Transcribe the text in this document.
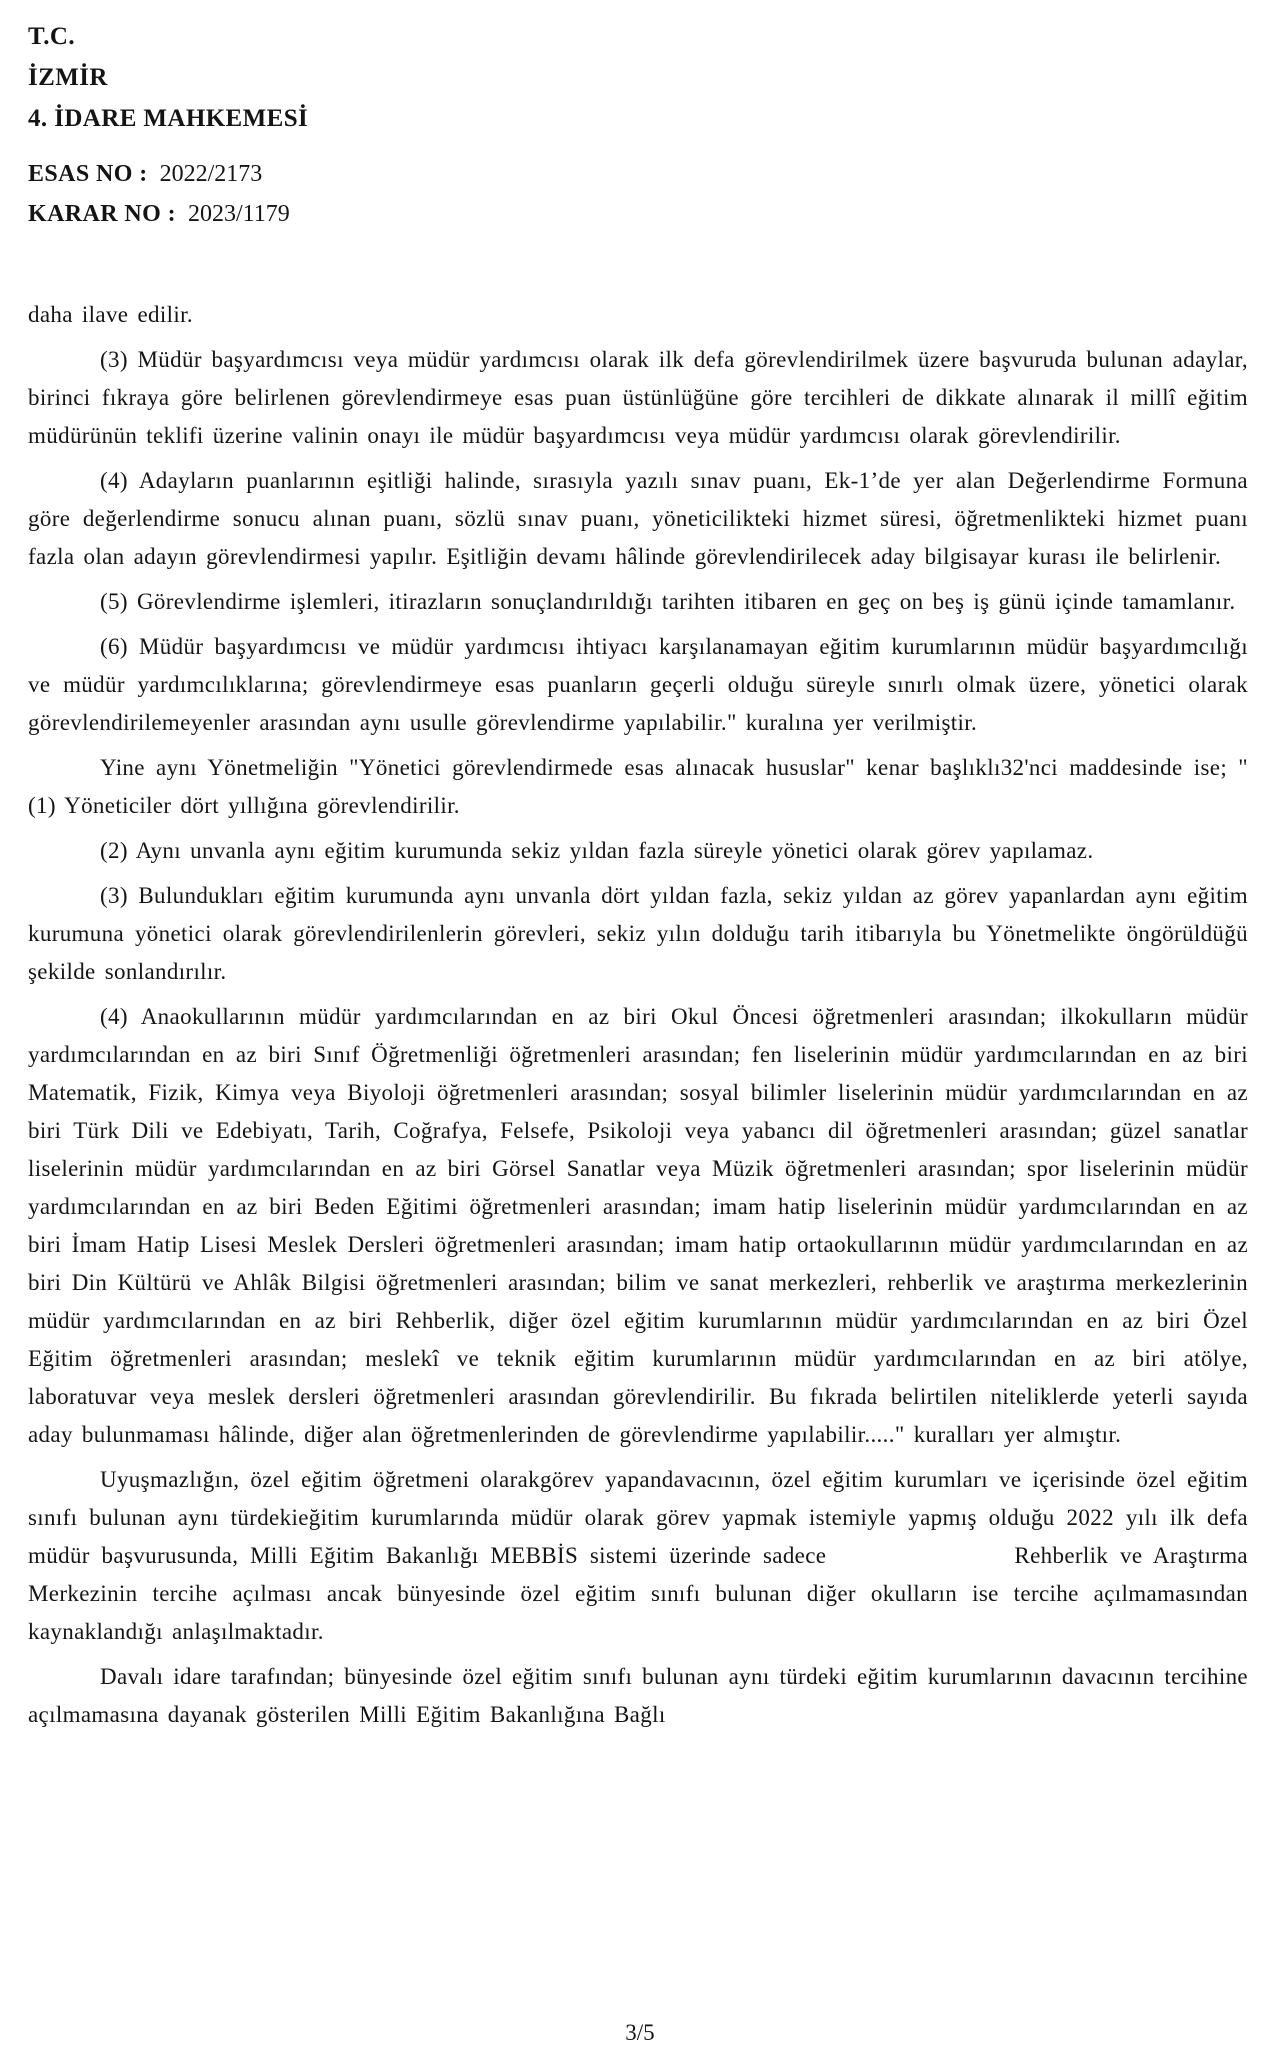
T.C.
İZMİR
4. İDARE MAHKEMESİ
ESAS NO : 2022/2173
KARAR NO : 2023/1179

daha ilave edilir.

(3) Müdür başyardımcısı veya müdür yardımcısı olarak ilk defa görevlendirilmek üzere başvuruda bulunan adaylar, birinci fıkraya göre belirlenen görevlendirmeye esas puan üstünlüğüne göre tercihleri de dikkate alınarak il millî eğitim müdürünün teklifi üzerine valinin onayı ile müdür başyardımcısı veya müdür yardımcısı olarak görevlendirilir.

(4) Adayların puanlarının eşitliği halinde, sırasıyla yazılı sınav puanı, Ek-1’de yer alan Değerlendirme Formuna göre değerlendirme sonucu alınan puanı, sözlü sınav puanı, yöneticilikteki hizmet süresi, öğretmenlikteki hizmet puanı fazla olan adayın görevlendirmesi yapılır. Eşitliğin devamı hâlinde görevlendirilecek aday bilgisayar kurası ile belirlenir.

(5) Görevlendirme işlemleri, itirazların sonuçlandırıldığı tarihten itibaren en geç on beş iş günü içinde tamamlanır.

(6) Müdür başyardımcısı ve müdür yardımcısı ihtiyacı karşılanamayan eğitim kurumlarının müdür başyardımcılığı ve müdür yardımcılıklarına; görevlendirmeye esas puanların geçerli olduğu süreyle sınırlı olmak üzere, yönetici olarak görevlendirilemeyenler arasından aynı usulle görevlendirme yapılabilir." kuralına yer verilmiştir.

Yine aynı Yönetmeliğin "Yönetici görevlendirmede esas alınacak hususlar" kenar başlıklı32'nci maddesinde ise; "(1) Yöneticiler dört yıllığına görevlendirilir.

(2) Aynı unvanla aynı eğitim kurumunda sekiz yıldan fazla süreyle yönetici olarak görev yapılamaz.

(3) Bulundukları eğitim kurumunda aynı unvanla dört yıldan fazla, sekiz yıldan az görev yapanlardan aynı eğitim kurumuna yönetici olarak görevlendirilenlerin görevleri, sekiz yılın dolduğu tarih itibarıyla bu Yönetmelikte öngörüldüğü şekilde sonlandırılır.

(4) Anaokullarının müdür yardımcılarından en az biri Okul Öncesi öğretmenleri arasından; ilkokulların müdür yardımcılarından en az biri Sınıf Öğretmenliği öğretmenleri arasından; fen liselerinin müdür yardımcılarından en az biri Matematik, Fizik, Kimya veya Biyoloji öğretmenleri arasından; sosyal bilimler liselerinin müdür yardımcılarından en az biri Türk Dili ve Edebiyatı, Tarih, Coğrafya, Felsefe, Psikoloji veya yabancı dil öğretmenleri arasından; güzel sanatlar liselerinin müdür yardımcılarından en az biri Görsel Sanatlar veya Müzik öğretmenleri arasından; spor liselerinin müdür yardımcılarından en az biri Beden Eğitimi öğretmenleri arasından; imam hatip liselerinin müdür yardımcılarından en az biri İmam Hatip Lisesi Meslek Dersleri öğretmenleri arasından; imam hatip ortaokullarının müdür yardımcılarından en az biri Din Kültürü ve Ahlâk Bilgisi öğretmenleri arasından; bilim ve sanat merkezleri, rehberlik ve araştırma merkezlerinin müdür yardımcılarından en az biri Rehberlik, diğer özel eğitim kurumlarının müdür yardımcılarından en az biri Özel Eğitim öğretmenleri arasından; meslekî ve teknik eğitim kurumlarının müdür yardımcılarından en az biri atölye, laboratuvar veya meslek dersleri öğretmenleri arasından görevlendirilir. Bu fıkrada belirtilen niteliklerde yeterli sayıda aday bulunmaması hâlinde, diğer alan öğretmenlerinden de görevlendirme yapılabilir....." kuralları yer almıştır.

Uyuşmazlığın, özel eğitim öğretmeni olarakgörev yapandavacının, özel eğitim kurumları ve içerisinde özel eğitim sınıfı bulunan aynı türdekieğitim kurumlarında müdür olarak görev yapmak istemiyle yapmış olduğu 2022 yılı ilk defa müdür başvurusunda, Milli Eğitim Bakanlığı MEBBİS sistemi üzerinde sadece                Rehberlik ve Araştırma Merkezinin tercihe açılması ancak bünyesinde özel eğitim sınıfı bulunan diğer okulların ise tercihe açılmamasından kaynaklandığı anlaşılmaktadır.

Davalı idare tarafından; bünyesinde özel eğitim sınıfı bulunan aynı türdeki eğitim kurumlarının davacının tercihine açılmamasına dayanak gösterilen Milli Eğitim Bakanlığına Bağlı

3/5
